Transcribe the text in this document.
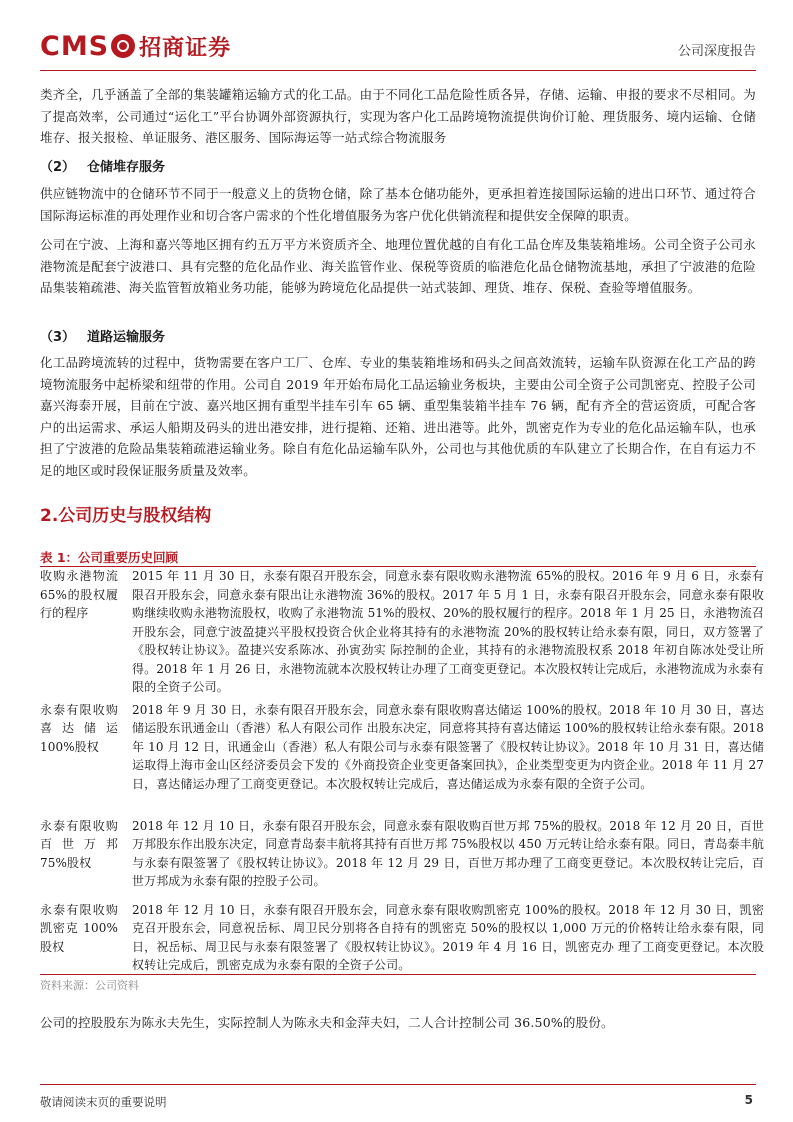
CMS 招商证券	公司深度报告
类齐全，几乎涵盖了全部的集装罐箱运输方式的化工品。由于不同化工品危险性质各异，存储、运输、申报的要求不尽相同。为了提高效率，公司通过“运化工”平台协调外部资源执行，实现为客户化工品跨境物流提供询价订舱、理货服务、境内运输、仓储堆存、报关报检、单证服务、港区服务、国际海运等一站式综合物流服务
（2） 仓储堆存服务
供应链物流中的仓储环节不同于一般意义上的货物仓储，除了基本仓储功能外，更承担着连接国际运输的进出口环节、通过符合国际海运标准的再处理作业和切合客户需求的个性化增值服务为客户优化供销流程和提供安全保障的职责。
公司在宁波、上海和嘉兴等地区拥有约五万平方米资质齐全、地理位置优越的自有化工品仓库及集装箱堆场。公司全资子公司永港物流是配套宁波港口、具有完整的危化品作业、海关监管作业、保税等资质的临港危化品仓储物流基地，承担了宁波港的危险品集装箱疏港、海关监管暂放箱业务功能，能够为跨境危化品提供一站式装卸、理货、堆存、保税、查验等增值服务。
（3） 道路运输服务
化工品跨境流转的过程中，货物需要在客户工厂、仓库、专业的集装箱堆场和码头之间高效流转，运输车队资源在化工产品的跨境物流服务中起桥梁和纽带的作用。公司自 2019 年开始布局化工品运输业务板块，主要由公司全资子公司凯密克、控股子公司嘉兴海泰开展，目前在宁波、嘉兴地区拥有重型半挂车引车 65 辆、重型集装箱半挂车 76 辆，配有齐全的营运资质，可配合客户的出运需求、承运人船期及码头的进出港安排，进行提箱、还箱、进出港等。此外，凯密克作为专业的危化品运输车队，也承担了宁波港的危险品集装箱疏港运输业务。除自有危化品运输车队外，公司也与其他优质的车队建立了长期合作，在自有运力不足的地区或时段保证服务质量及效率。
2.公司历史与股权结构
表 1：公司重要历史回顾
收购永港物流 65%的股权履行的程序	2015 年 11 月 30 日，永泰有限召开股东会，同意永泰有限收购永港物流 65%的股权。2016 年 9 月 6 日，永泰有限召开股东会，同意永泰有限出让永港物流 36%的股权。2017 年 5 月 1 日，永泰有限召开股东会，同意永泰有限收购继续收购永港物流股权，收购了永港物流 51%的股权、20%的股权履行的程序。2018 年 1 月 25 日，永港物流召开股东会，同意宁波盈捷兴平股权投资合伙企业将其持有的永港物流 20%的股权转让给永泰有限，同日，双方签署了《股权转让协议》。盈捷兴安系陈冰、孙寅劲实 际控制的企业，其持有的永港物流股权系 2018 年初自陈冰处受让所得。2018 年 1 月 26 日，永港物流就本次股权转让办理了工商变更登记。本次股权转让完成后，永港物流成为永泰有限的全资子公司。
永泰有限收购喜达储运 100%股权	2018 年 9 月 30 日，永泰有限召开股东会，同意永泰有限收购喜达储运 100%的股权。2018 年 10 月 30 日，喜达储运股东讯通金山（香港）私人有限公司作 出股东决定，同意将其持有喜达储运 100%的股权转让给永泰有限。2018 年 10 月 12 日，讯通金山（香港）私人有限公司与永泰有限签署了《股权转让协议》。2018 年 10 月 31 日，喜达储运取得上海市金山区经济委员会下发的《外商投资企业变更备案回执》，企业类型变更为内资企业。2018 年 11 月 27 日，喜达储运办理了工商变更登记。本次股权转让完成后，喜达储运成为永泰有限的全资子公司。
永泰有限收购百世万邦 75%股权	2018 年 12 月 10 日，永泰有限召开股东会，同意永泰有限收购百世万邦 75%的股权。2018 年 12 月 20 日，百世万邦股东作出股东决定，同意青岛泰丰航将其持有百世万邦 75%股权以 450 万元转让给永泰有限。同日，青岛泰丰航与永泰有限签署了《股权转让协议》。2018 年 12 月 29 日，百世万邦办理了工商变更登记。本次股权转让完后，百世万邦成为永泰有限的控股子公司。
永泰有限收购凯密克 100%股权	2018 年 12 月 10 日，永泰有限召开股东会，同意永泰有限收购凯密克 100%的股权。2018 年 12 月 30 日，凯密克召开股东会，同意祝岳标、周卫民分别将各自持有的凯密克 50%的股权以 1,000 万元的价格转让给永泰有限，同日，祝岳标、周卫民与永泰有限签署了《股权转让协议》。2019 年 4 月 16 日，凯密克办 理了工商变更登记。本次股权转让完成后，凯密克成为永泰有限的全资子公司。
资料来源：公司资料
公司的控股股东为陈永夫先生，实际控制人为陈永夫和金萍夫妇，二人合计控制公司 36.50%的股份。
敬请阅读末页的重要说明	5
